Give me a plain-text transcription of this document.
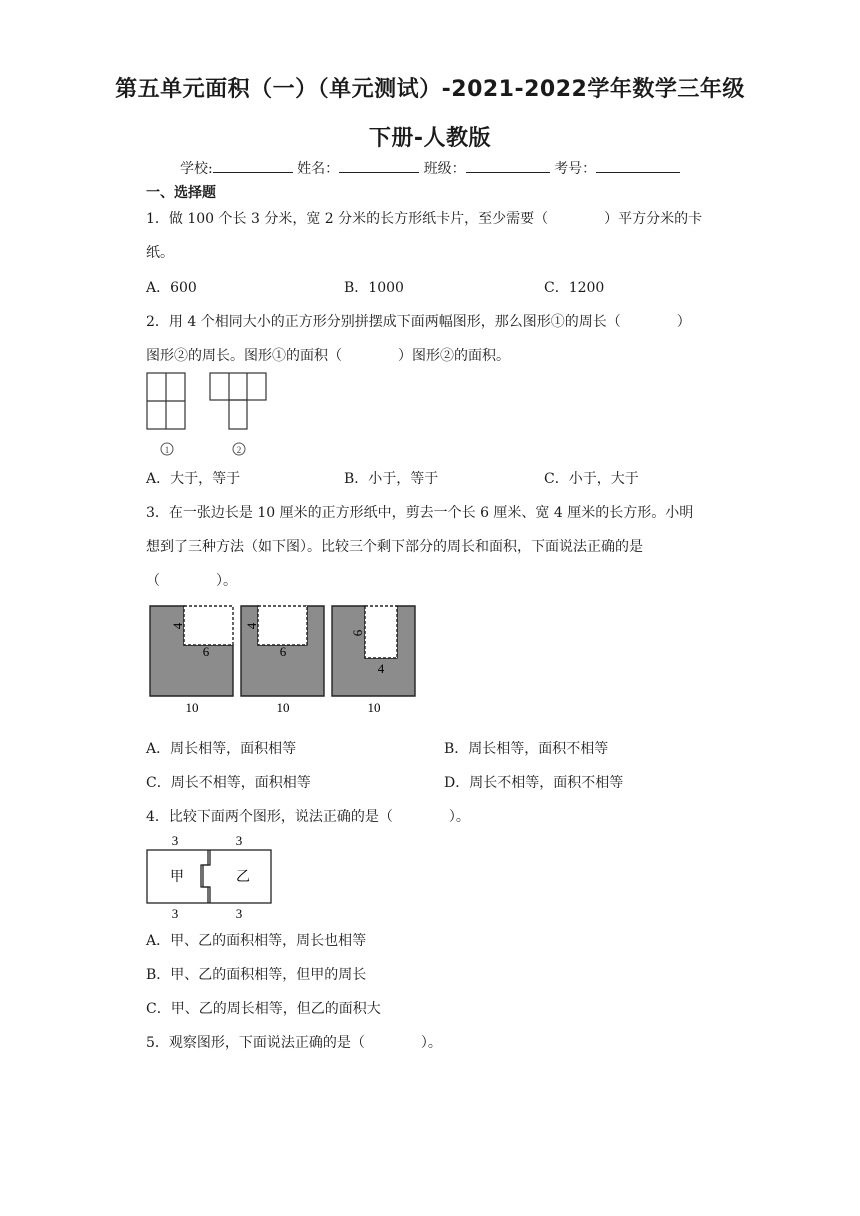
第五单元面积（一）（单元测试）-2021-2022学年数学三年级
下册-人教版
学校:	姓名：	班级：	考号：
一、选择题
1．做 100 个长 3 分米，宽 2 分米的长方形纸卡片，至少需要（　　　　）平方分米的卡
纸。
A．600	B．1000	C．1200
2．用 4 个相同大小的正方形分别拼摆成下面两幅图形，那么图形①的周长（　　　　）
图形②的周长。图形①的面积（　　　　）图形②的面积。
1	2
A．大于，等于	B．小于，等于	C．小于，大于
3．在一张边长是 10 厘米的正方形纸中，剪去一个长 6 厘米、宽 4 厘米的长方形。小明
想到了三种方法（如下图）。比较三个剩下部分的周长和面积，下面说法正确的是
（　　　　）。
4
6
10
4
6
10
6
4
10
A．周长相等，面积相等	B．周长相等，面积不相等
C．周长不相等，面积相等	D．周长不相等，面积不相等
4．比较下面两个图形，说法正确的是（　　　　）。
3	3
甲	乙
3	3
A．甲、乙的面积相等，周长也相等
B．甲、乙的面积相等，但甲的周长
C．甲、乙的周长相等，但乙的面积大
5．观察图形，下面说法正确的是（　　　　）。
